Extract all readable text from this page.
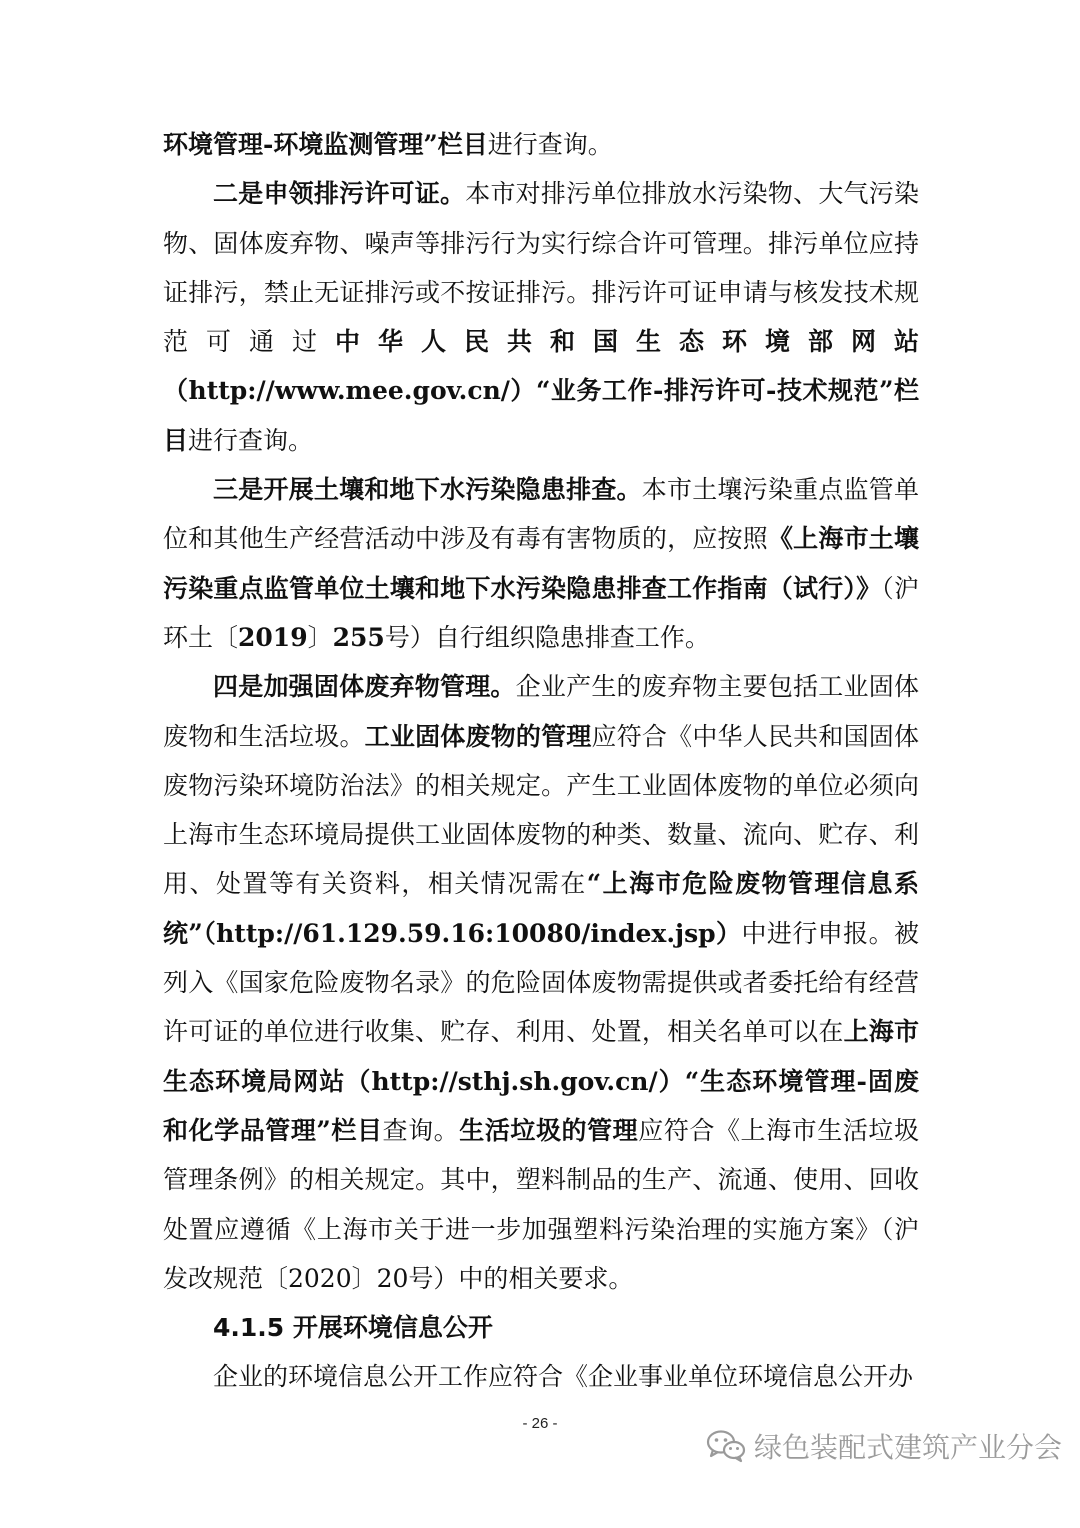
环境管理-环境监测管理”栏目进行查询。

二是申领排污许可证。本市对排污单位排放水污染物、大气污染物、固体废弃物、噪声等排污行为实行综合许可管理。排污单位应持证排污，禁止无证排污或不按证排污。排污许可证申请与核发技术规范可通过中华人民共和国生态环境部网站（http://www.mee.gov.cn/）“业务工作-排污许可-技术规范”栏目进行查询。

三是开展土壤和地下水污染隐患排查。本市土壤污染重点监管单位和其他生产经营活动中涉及有毒有害物质的，应按照《上海市土壤污染重点监管单位土壤和地下水污染隐患排查工作指南（试行）》（沪环土〔2019〕255号）自行组织隐患排查工作。

四是加强固体废弃物管理。企业产生的废弃物主要包括工业固体废物和生活垃圾。工业固体废物的管理应符合《中华人民共和国固体废物污染环境防治法》的相关规定。产生工业固体废物的单位必须向上海市生态环境局提供工业固体废物的种类、数量、流向、贮存、利用、处置等有关资料，相关情况需在“上海市危险废物管理信息系统”（http://61.129.59.16:10080/index.jsp）中进行申报。被列入《国家危险废物名录》的危险固体废物需提供或者委托给有经营许可证的单位进行收集、贮存、利用、处置，相关名单可以在上海市生态环境局网站（http://sthj.sh.gov.cn/）“生态环境管理-固废和化学品管理”栏目查询。生活垃圾的管理应符合《上海市生活垃圾管理条例》的相关规定。其中，塑料制品的生产、流通、使用、回收处置应遵循《上海市关于进一步加强塑料污染治理的实施方案》（沪发改规范〔2020〕20号）中的相关要求。

4.1.5 开展环境信息公开

企业的环境信息公开工作应符合《企业事业单位环境信息公开办

- 26 -
绿色装配式建筑产业分会
